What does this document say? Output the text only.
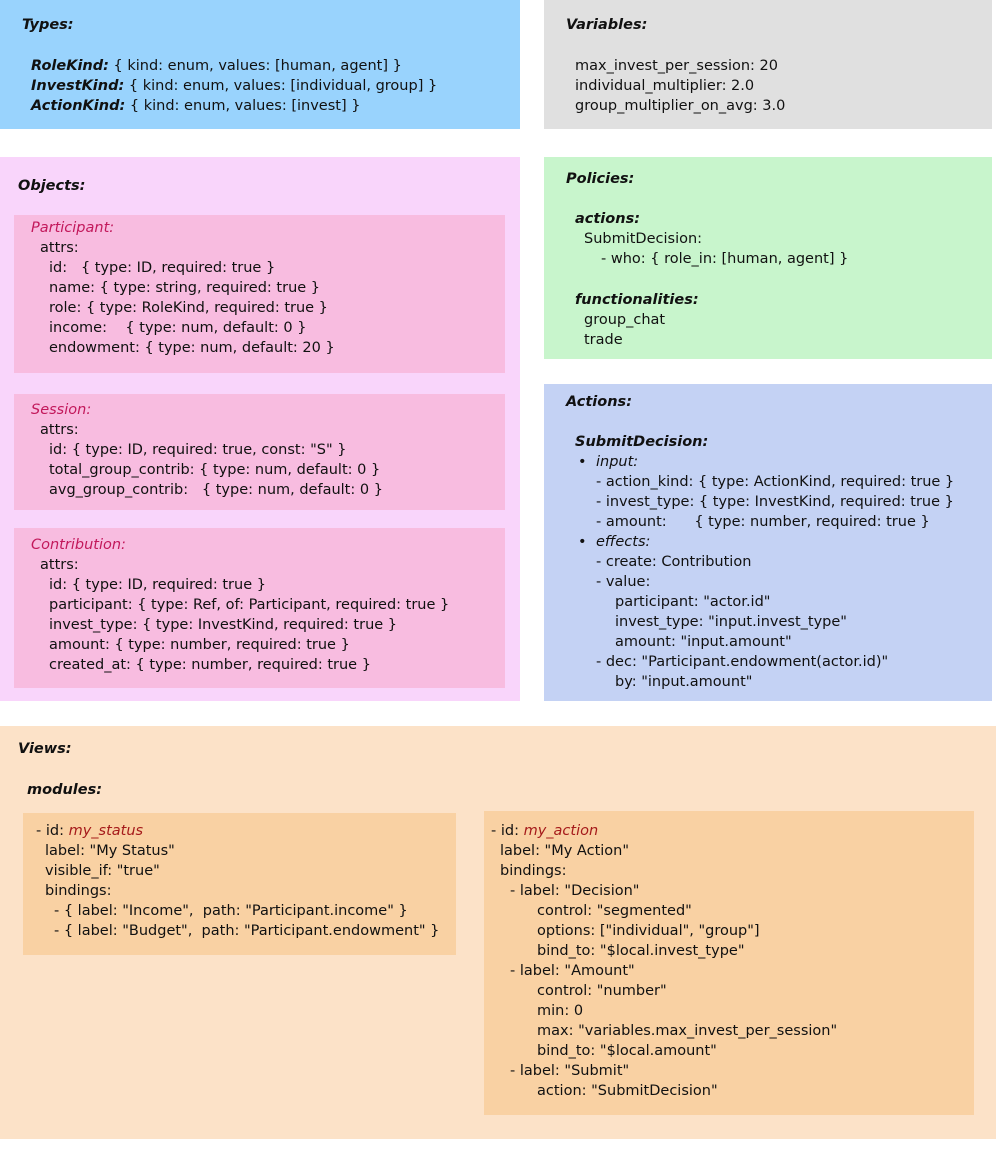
Types:
RoleKind: { kind: enum, values: [human, agent] }
InvestKind: { kind: enum, values: [individual, group] }
ActionKind: { kind: enum, values: [invest] }
Variables:
max_invest_per_session: 20
individual_multiplier: 2.0
group_multiplier_on_avg: 3.0
Objects:
Participant:
attrs:
id:   { type: ID, required: true }
name: { type: string, required: true }
role: { type: RoleKind, required: true }
income:    { type: num, default: 0 }
endowment: { type: num, default: 20 }
Session:
attrs:
id: { type: ID, required: true, const: "S" }
total_group_contrib: { type: num, default: 0 }
avg_group_contrib:   { type: num, default: 0 }
Contribution:
attrs:
id: { type: ID, required: true }
participant: { type: Ref, of: Participant, required: true }
invest_type: { type: InvestKind, required: true }
amount: { type: number, required: true }
created_at: { type: number, required: true }
Policies:
actions:
SubmitDecision:
- who: { role_in: [human, agent] }
functionalities:
group_chat
trade
Actions:
SubmitDecision:
• input:
- action_kind: { type: ActionKind, required: true }
- invest_type: { type: InvestKind, required: true }
- amount:      { type: number, required: true }
• effects:
- create: Contribution
- value:
participant: "actor.id"
invest_type: "input.invest_type"
amount: "input.amount"
- dec: "Participant.endowment(actor.id)"
by: "input.amount"
Views:
modules:
- id: my_status
label: "My Status"
visible_if: "true"
bindings:
- { label: "Income",  path: "Participant.income" }
- { label: "Budget",  path: "Participant.endowment" }
- id: my_action
label: "My Action"
bindings:
- label: "Decision"
control: "segmented"
options: ["individual", "group"]
bind_to: "$local.invest_type"
- label: "Amount"
control: "number"
min: 0
max: "variables.max_invest_per_session"
bind_to: "$local.amount"
- label: "Submit"
action: "SubmitDecision"
